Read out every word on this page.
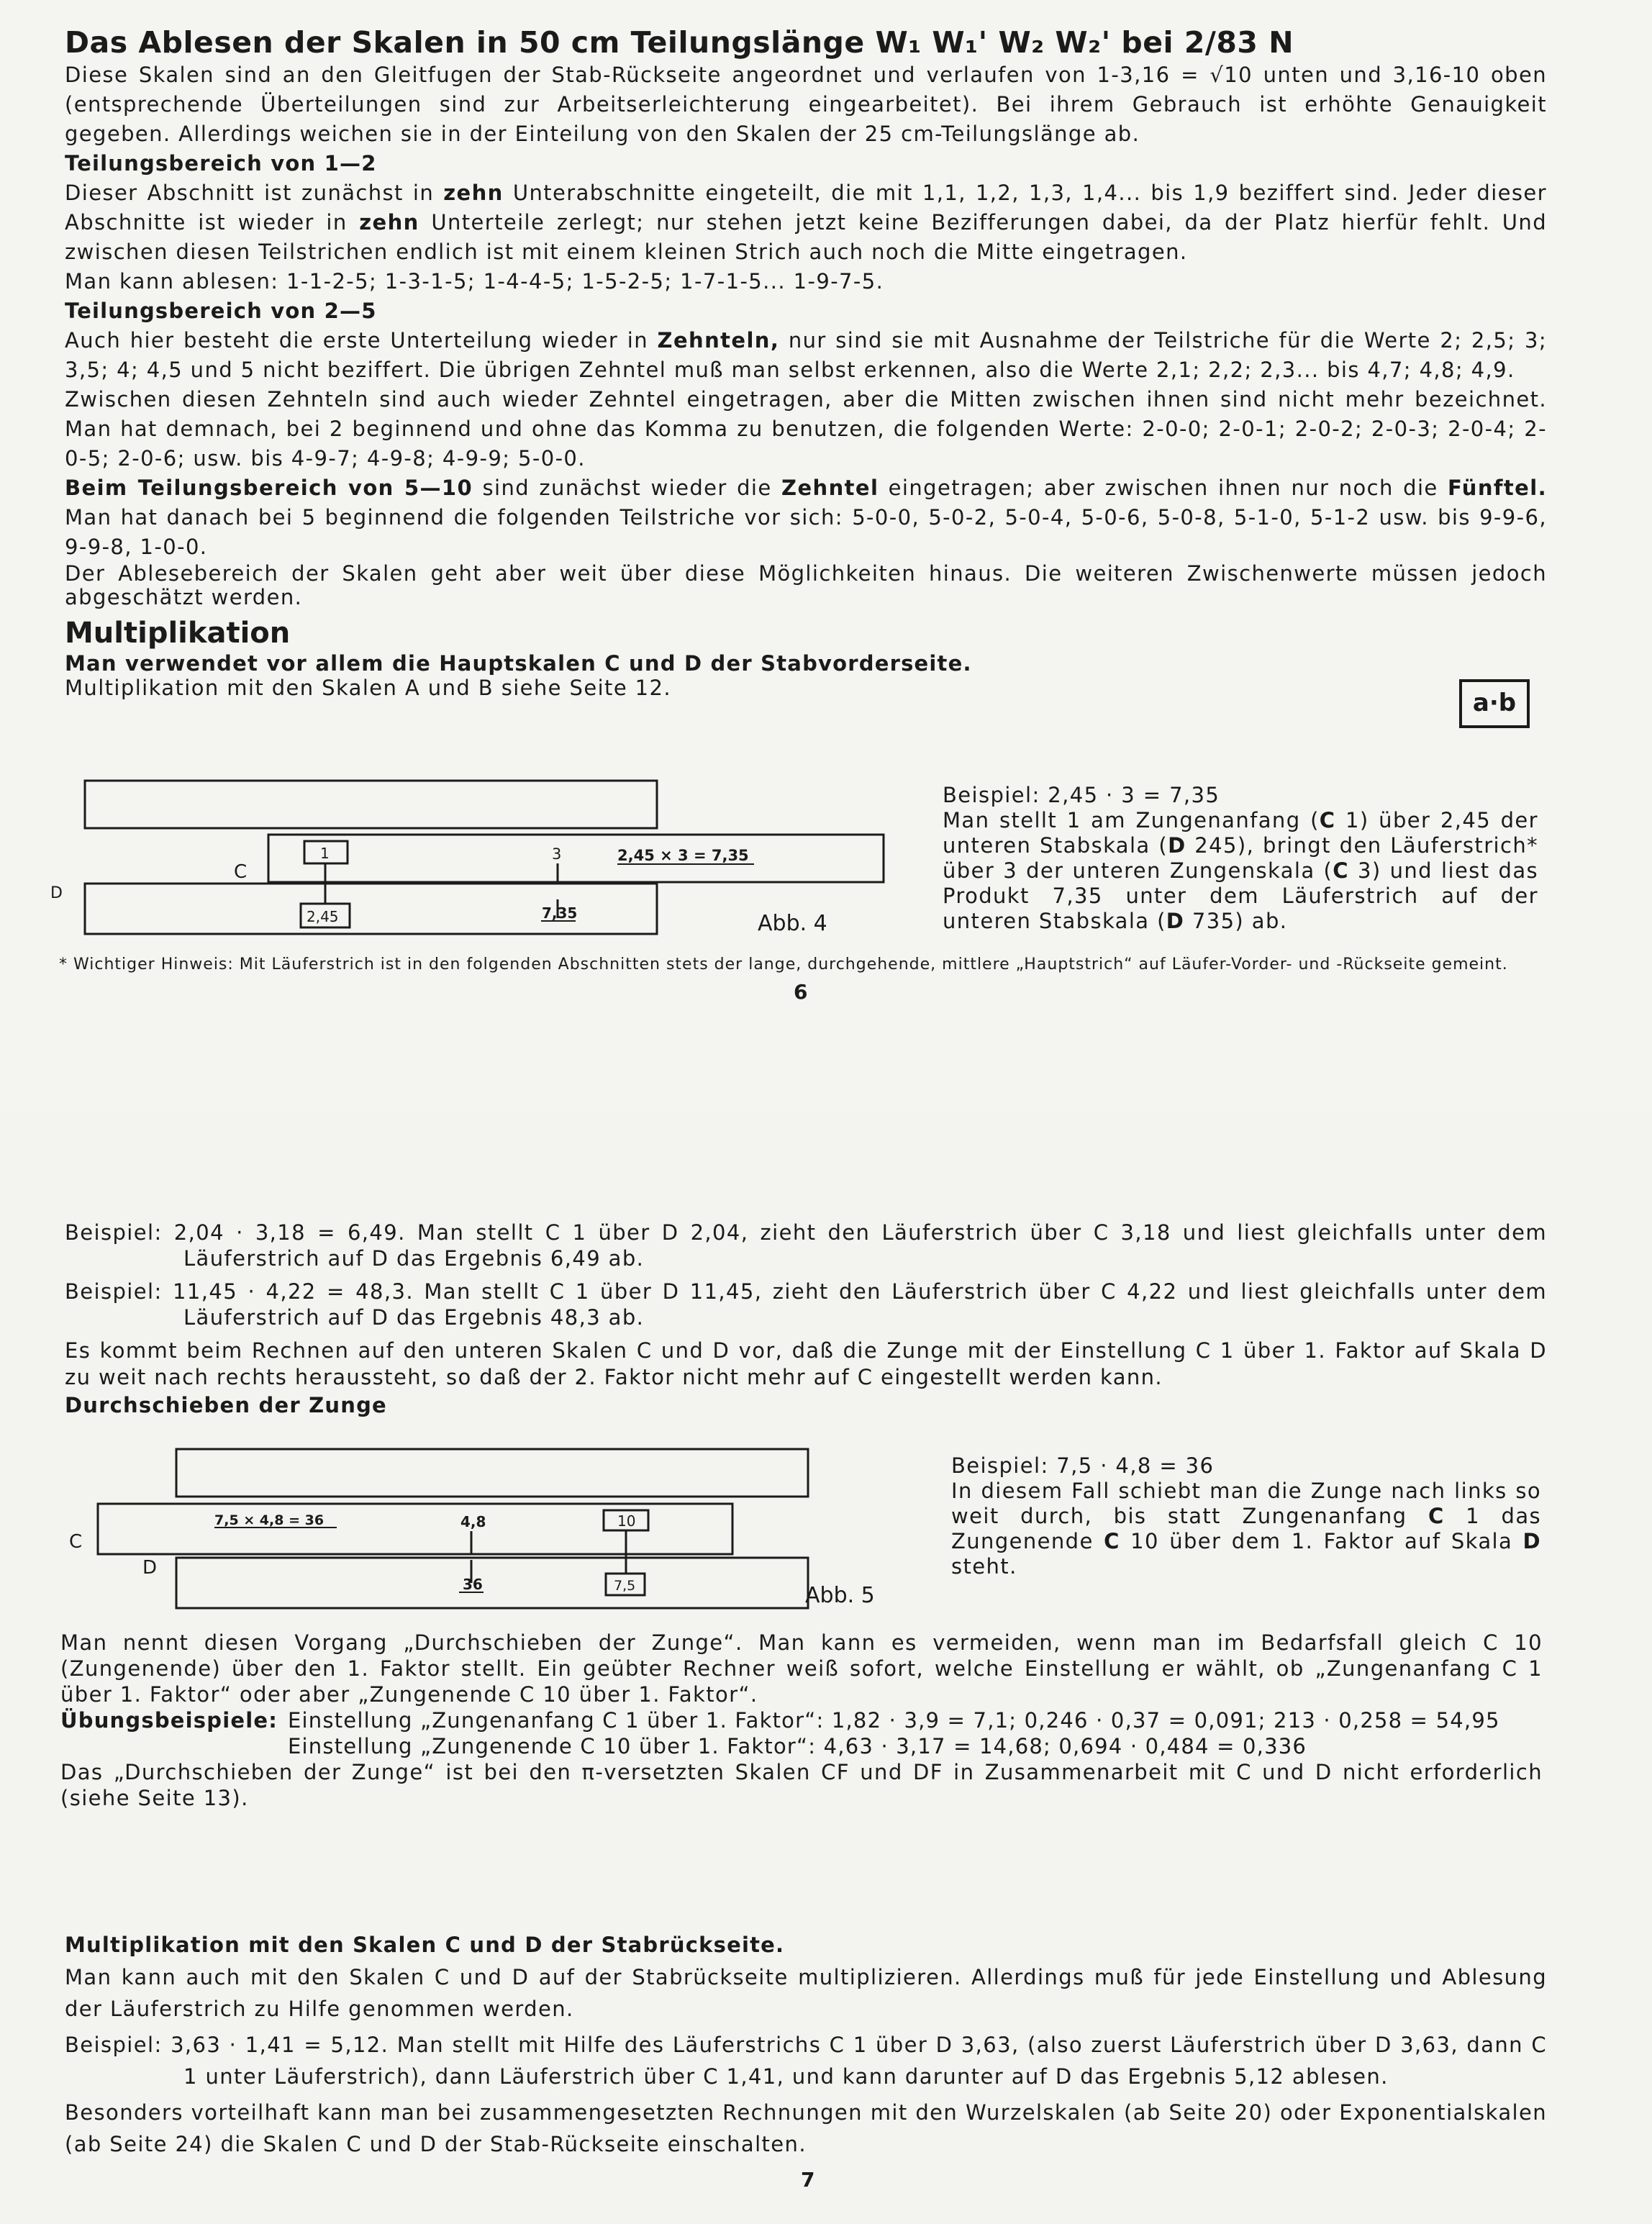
Das Ablesen der Skalen in 50 cm Teilungslänge W₁ W₁' W₂ W₂' bei 2/83 N

Diese Skalen sind an den Gleitfugen der Stab-Rückseite angeordnet und verlaufen von 1-3,16 = √10 unten und 3,16-10 oben (entsprechende Überteilungen sind zur Arbeitserleichterung eingearbeitet). Bei ihrem Gebrauch ist erhöhte Genauigkeit gegeben. Allerdings weichen sie in der Einteilung von den Skalen der 25 cm-Teilungslänge ab.

Teilungsbereich von 1—2

Dieser Abschnitt ist zunächst in zehn Unterabschnitte eingeteilt, die mit 1,1, 1,2, 1,3, 1,4... bis 1,9 beziffert sind. Jeder dieser Abschnitte ist wieder in zehn Unterteile zerlegt; nur stehen jetzt keine Bezifferungen dabei, da der Platz hierfür fehlt. Und zwischen diesen Teilstrichen endlich ist mit einem kleinen Strich auch noch die Mitte eingetragen.

Man kann ablesen: 1-1-2-5; 1-3-1-5; 1-4-4-5; 1-5-2-5; 1-7-1-5... 1-9-7-5.

Teilungsbereich von 2—5

Auch hier besteht die erste Unterteilung wieder in Zehnteln, nur sind sie mit Ausnahme der Teilstriche für die Werte 2; 2,5; 3; 3,5; 4; 4,5 und 5 nicht beziffert. Die übrigen Zehntel muß man selbst erkennen, also die Werte 2,1; 2,2; 2,3... bis 4,7; 4,8; 4,9.

Zwischen diesen Zehnteln sind auch wieder Zehntel eingetragen, aber die Mitten zwischen ihnen sind nicht mehr bezeichnet. Man hat demnach, bei 2 beginnend und ohne das Komma zu benutzen, die folgenden Werte: 2-0-0; 2-0-1; 2-0-2; 2-0-3; 2-0-4; 2-0-5; 2-0-6; usw. bis 4-9-7; 4-9-8; 4-9-9; 5-0-0.

Beim Teilungsbereich von 5—10 sind zunächst wieder die Zehntel eingetragen; aber zwischen ihnen nur noch die Fünftel. Man hat danach bei 5 beginnend die folgenden Teilstriche vor sich: 5-0-0, 5-0-2, 5-0-4, 5-0-6, 5-0-8, 5-1-0, 5-1-2 usw. bis 9-9-6, 9-9-8, 1-0-0.

Der Ablesebereich der Skalen geht aber weit über diese Möglichkeiten hinaus. Die weiteren Zwischenwerte müssen jedoch abgeschätzt werden.

Multiplikation

Man verwendet vor allem die Hauptskalen C und D der Stabvorderseite.

Multiplikation mit den Skalen A und B siehe Seite 12.

a·b
C
D
1	3	2,45 × 3 = 7,35
2,45	7,35	Abb. 4
Beispiel: 2,45 · 3 = 7,35
Man stellt 1 am Zungenanfang (C 1) über 2,45 der unteren Stabskala (D 245), bringt den Läuferstrich* über 3 der unteren Zungenskala (C 3) und liest das Produkt 7,35 unter dem Läuferstrich auf der unteren Stabskala (D 735) ab.

* Wichtiger Hinweis: Mit Läuferstrich ist in den folgenden Abschnitten stets der lange, durchgehende, mittlere „Hauptstrich“ auf Läufer-Vorder- und -Rückseite gemeint.

6

Beispiel: 2,04 · 3,18 = 6,49. Man stellt C 1 über D 2,04, zieht den Läuferstrich über C 3,18 und liest gleichfalls unter dem Läuferstrich auf D das Ergebnis 6,49 ab.

Beispiel: 11,45 · 4,22 = 48,3. Man stellt C 1 über D 11,45, zieht den Läuferstrich über C 4,22 und liest gleichfalls unter dem Läuferstrich auf D das Ergebnis 48,3 ab.

Es kommt beim Rechnen auf den unteren Skalen C und D vor, daß die Zunge mit der Einstellung C 1 über 1. Faktor auf Skala D zu weit nach rechts heraussteht, so daß der 2. Faktor nicht mehr auf C eingestellt werden kann.

Durchschieben der Zunge

C
D
7,5 × 4,8 = 36	4,8	10
36	7,5	Abb. 5
Beispiel: 7,5 · 4,8 = 36
In diesem Fall schiebt man die Zunge nach links so weit durch, bis statt Zungenanfang C 1 das Zungenende C 10 über dem 1. Faktor auf Skala D steht.

Man nennt diesen Vorgang „Durchschieben der Zunge“. Man kann es vermeiden, wenn man im Bedarfsfall gleich C 10 (Zungenende) über den 1. Faktor stellt. Ein geübter Rechner weiß sofort, welche Einstellung er wählt, ob „Zungenanfang C 1 über 1. Faktor“ oder aber „Zungenende C 10 über 1. Faktor“.

Übungsbeispiele: Einstellung „Zungenanfang C 1 über 1. Faktor“: 1,82 · 3,9 = 7,1; 0,246 · 0,37 = 0,091; 213 · 0,258 = 54,95
Einstellung „Zungenende C 10 über 1. Faktor“: 4,63 · 3,17 = 14,68; 0,694 · 0,484 = 0,336

Das „Durchschieben der Zunge“ ist bei den π-versetzten Skalen CF und DF in Zusammenarbeit mit C und D nicht erforderlich (siehe Seite 13).

Multiplikation mit den Skalen C und D der Stabrückseite.

Man kann auch mit den Skalen C und D auf der Stabrückseite multiplizieren. Allerdings muß für jede Einstellung und Ablesung der Läuferstrich zu Hilfe genommen werden.

Beispiel: 3,63 · 1,41 = 5,12. Man stellt mit Hilfe des Läuferstrichs C 1 über D 3,63, (also zuerst Läuferstrich über D 3,63, dann C 1 unter Läuferstrich), dann Läuferstrich über C 1,41, und kann darunter auf D das Ergebnis 5,12 ablesen.

Besonders vorteilhaft kann man bei zusammengesetzten Rechnungen mit den Wurzelskalen (ab Seite 20) oder Exponentialskalen (ab Seite 24) die Skalen C und D der Stab-Rückseite einschalten.

7
